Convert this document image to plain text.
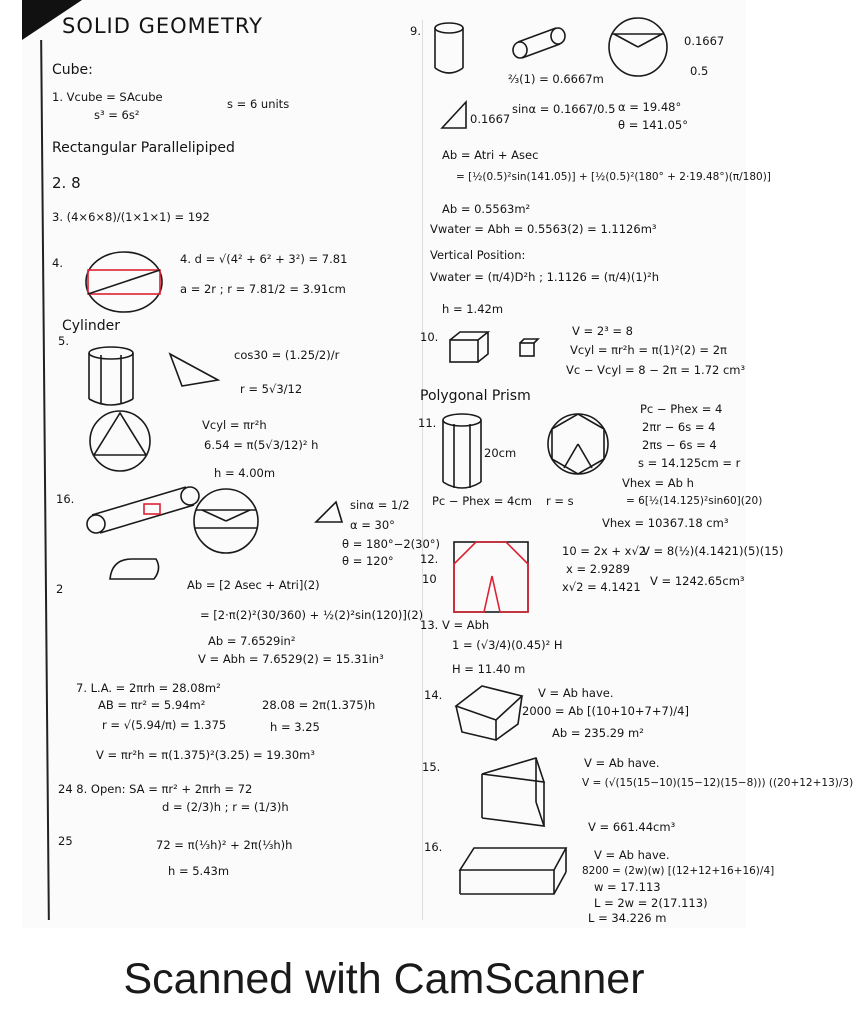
SOLID GEOMETRY
Cube:
1. Vcube = SAcube
s³ = 6s²
s = 6 units
Rectangular Parallelipiped
2. 8
3. (4×6×8)/(1×1×1) = 192
4.	4. d = √(4² + 6² + 3²) = 7.81
a = 2r ; r = 7.81/2 = 3.91cm
Cylinder
5.
cos30 = (1.25/2)/r
r = 5√3/12
Vcyl = πr²h
6.54 = π(5√3/12)² h
h = 4.00m
16.	sinα = 1/2
α = 30°
θ = 180°−2(30°)
θ = 120°
2	Ab = [2 Asec + Atri](2)
= [2·π(2)²(30/360) + ½(2)²sin(120)](2)
Ab = 7.6529in²
V = Abh = 7.6529(2) = 15.31in³
7. L.A. = 2πrh = 28.08m²
AB = πr² = 5.94m²	28.08 = 2π(1.375)h
r = √(5.94/π) = 1.375	h = 3.25
V = πr²h = π(1.375)²(3.25) = 19.30m³
24 8. Open: SA = πr² + 2πrh = 72
d = (2/3)h ; r = (1/3)h
25	72 = π(⅓h)² + 2π(⅓h)h
h = 5.43m
9.
0.1667
0.5
⅔(1) = 0.6667m
0.1667
sinα = 0.1667/0.5 α = 19.48°
θ = 141.05°
Ab = Atri + Asec
= [½(0.5)²sin(141.05)] + [½(0.5)²(180° + 2·19.48°)(π/180)]
Ab = 0.5563m²
Vwater = Abh = 0.5563(2) = 1.1126m³
Vertical Position:
Vwater = (π/4)D²h ; 1.1126 = (π/4)(1)²h
h = 1.42m
10.	V = 2³ = 8
Vcyl = πr²h = π(1)²(2) = 2π
Vc − Vcyl = 8 − 2π = 1.72 cm³
Polygonal Prism
11.
20cm
Pc − Phex = 4
2πr − 6s = 4
2πs − 6s = 4
s = 14.125cm = r
Vhex = Ab h
= 6[½(14.125)²sin60](20)
Vhex = 10367.18 cm³
Pc − Phex = 4cm r = s
12.
10
10 = 2x + x√2
x = 2.9289
x√2 = 4.1421
V = 8(½)(4.1421)(5)(15)
V = 1242.65cm³
13. V = Abh
1 = (√3/4)(0.45)² H
H = 11.40 m
14.	V = Ab have.
2000 = Ab [(10+10+7+7)/4]
Ab = 235.29 m²
15.	V = Ab have.
V = (√(15(15−10)(15−12)(15−8))) ((20+12+13)/3)
V = 661.44cm³
16.
V = Ab have.
8200 = (2w)(w) [(12+12+16+16)/4]
w = 17.113
L = 2w = 2(17.113)
L = 34.226 m
Scanned with CamScanner
